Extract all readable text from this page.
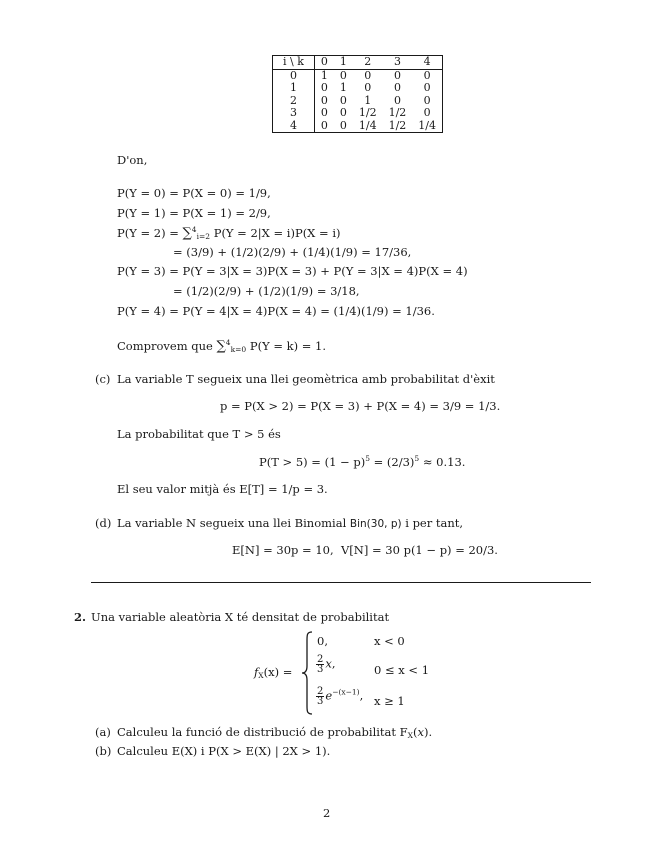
i \ k	0	1	2	3	4
0	1	0	0	0	0
1	0	1	0	0	0
2	0	0	1	0	0
3	0	0	1/2	1/2	0
4	0	0	1/4	1/2	1/4
D'on,
P(Y = 0) = P(X = 0) = 1/9,
P(Y = 1) = P(X = 1) = 2/9,
P(Y = 2) = ∑$^4_{i=2}$ P(Y = 2|X = i)P(X = i)
= (3/9) + (1/2)(2/9) + (1/4)(1/9) = 17/36,
P(Y = 3) = P(Y = 3|X = 3)P(X = 3) + P(Y = 3|X = 4)P(X = 4)
= (1/2)(2/9) + (1/2)(1/9) = 3/18,
P(Y = 4) = P(Y = 4|X = 4)P(X = 4) = (1/4)(1/9) = 1/36.
Comprovem que ∑$^4_{k=0}$ P(Y = k) = 1.
(c) La variable T segueix una llei geomètrica amb probabilitat d'èxit
p = P(X > 2) = P(X = 3) + P(X = 4) = 3/9 = 1/3.
La probabilitat que T > 5 és
$P(T > 5) = (1 - p)^5 = (2/3)^5 \approx 0.13$.
El seu valor mitjà és E[T] = 1/p = 3.
(d) La variable N segueix una llei Binomial Bin(30, p) i per tant,
E[N] = 30p = 10, V[N] = 30 p(1 − p) = 20/3.
2. Una variable aleatòria X té densitat de probabilitat
$f_X(x)$ =
0,	x < 0
$\frac{2}{3} x$,	0 ≤ x < 1
$\frac{2}{3} e^{-(x-1)}$, x ≥ 1
(a) Calculeu la funció de distribució de probabilitat $F_X(x)$.
(b) Calculeu E(X) i P(X > E(X) | 2X > 1).
2
